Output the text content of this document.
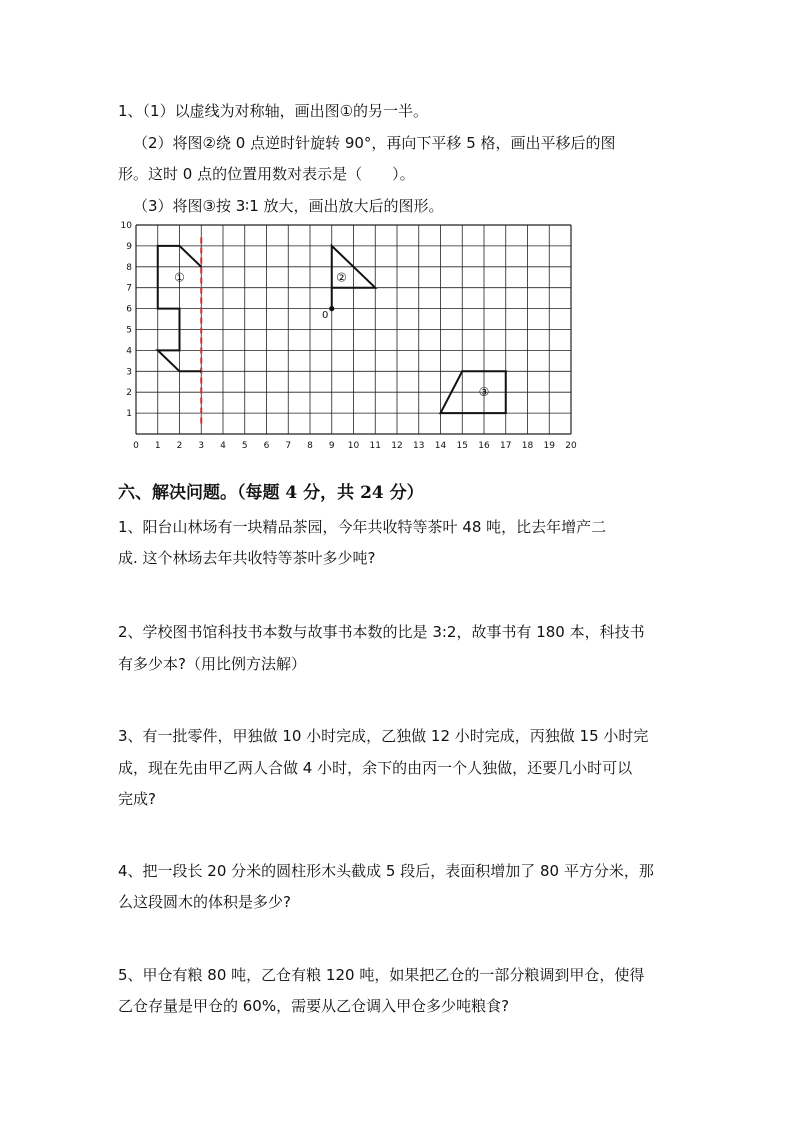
1、（1）以虚线为对称轴，画出图①的另一半。
（2）将图②绕 0 点逆时针旋转 90°，再向下平移 5 格，画出平移后的图
形。这时 0 点的位置用数对表示是（　　）。
（3）将图③按 3∶1 放大，画出放大后的图形。
0 1 2 3 4 5 6 7 8 9 10 11 12 13 14 15 16 17 18 19 20
1
2
3
4
5
6
7
8
9
10
①	②
③
0
六、解决问题。（每题 4 分，共 24 分）
1、阳台山林场有一块精品茶园，今年共收特等茶叶 48 吨，比去年增产二
成. 这个林场去年共收特等茶叶多少吨?
2、学校图书馆科技书本数与故事书本数的比是 3:2，故事书有 180 本，科技书
有多少本?（用比例方法解）
3、有一批零件，甲独做 10 小时完成，乙独做 12 小时完成，丙独做 15 小时完
成，现在先由甲乙两人合做 4 小时，余下的由丙一个人独做，还要几小时可以
完成?
4、把一段长 20 分米的圆柱形木头截成 5 段后，表面积增加了 80 平方分米，那
么这段圆木的体积是多少?
5、甲仓有粮 80 吨，乙仓有粮 120 吨，如果把乙仓的一部分粮调到甲仓，使得
乙仓存量是甲仓的 60%，需要从乙仓调入甲仓多少吨粮食?
